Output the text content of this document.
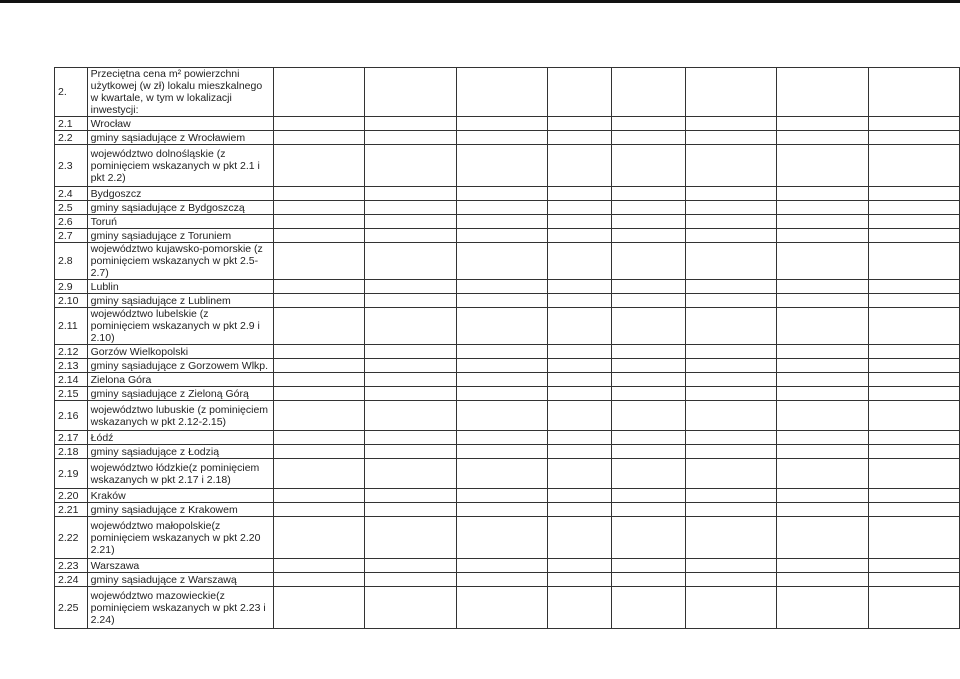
2.	Przeciętna cena m² powierzchni użytkowej (w zł) lokalu mieszkalnego w kwartale, w tym w lokalizacji inwestycji:								
2.1	Wrocław								
2.2	gminy sąsiadujące z Wrocławiem								
2.3	województwo dolnośląskie (z pominięciem wskazanych w pkt 2.1 i pkt 2.2)								
2.4	Bydgoszcz								
2.5	gminy sąsiadujące z Bydgoszczą								
2.6	Toruń								
2.7	gminy sąsiadujące z Toruniem								
2.8	województwo kujawsko-pomorskie (z pominięciem wskazanych w pkt 2.5-2.7)								
2.9	Lublin								
2.10	gminy sąsiadujące z Lublinem								
2.11	województwo lubelskie (z pominięciem wskazanych w pkt 2.9 i 2.10)								
2.12	Gorzów Wielkopolski								
2.13	gminy sąsiadujące z Gorzowem Wlkp.								
2.14	Zielona Góra								
2.15	gminy sąsiadujące z Zieloną Górą								
2.16	województwo lubuskie (z pominięciem wskazanych w pkt 2.12-2.15)								
2.17	Łódź								
2.18	gminy sąsiadujące z Łodzią								
2.19	województwo łódzkie(z pominięciem wskazanych w pkt 2.17 i 2.18)								
2.20	Kraków								
2.21	gminy sąsiadujące z Krakowem								
2.22	województwo małopolskie(z pominięciem wskazanych w pkt 2.20 2.21)								
2.23	Warszawa								
2.24	gminy sąsiadujące z Warszawą								
2.25	województwo mazowieckie(z pominięciem wskazanych w pkt 2.23 i 2.24)								
